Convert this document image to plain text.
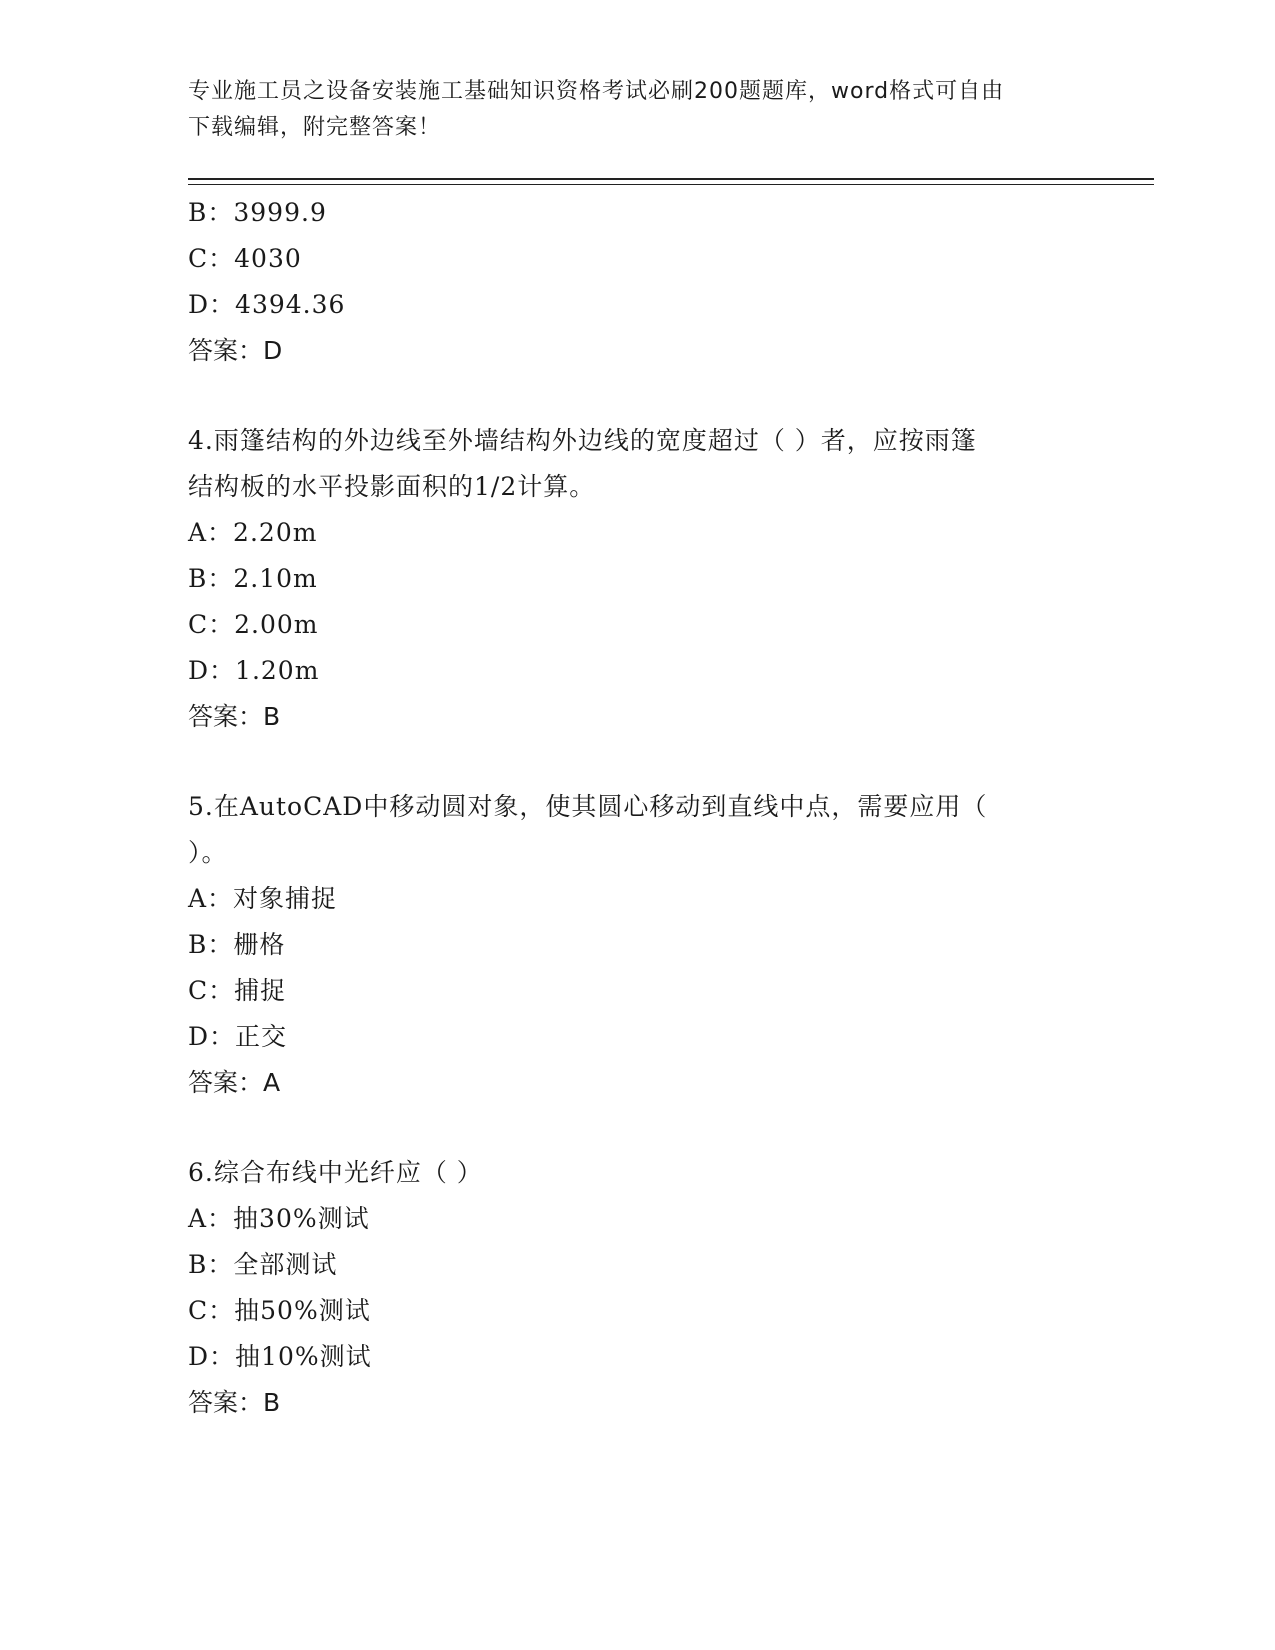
专业施工员之设备安装施工基础知识资格考试必刷200题题库，word格式可自由
下载编辑，附完整答案！
B：3999.9
C：4030
D：4394.36
答案：D
4.雨篷结构的外边线至外墙结构外边线的宽度超过（ ）者，应按雨篷
结构板的水平投影面积的1/2计算。
A：2.20m
B：2.10m
C：2.00m
D：1.20m
答案：B
5.在AutoCAD中移动圆对象，使其圆心移动到直线中点，需要应用（
）。
A：对象捕捉
B：栅格
C：捕捉
D：正交
答案：A
6.综合布线中光纤应（ ）
A：抽30%测试
B：全部测试
C：抽50%测试
D：抽10%测试
答案：B
